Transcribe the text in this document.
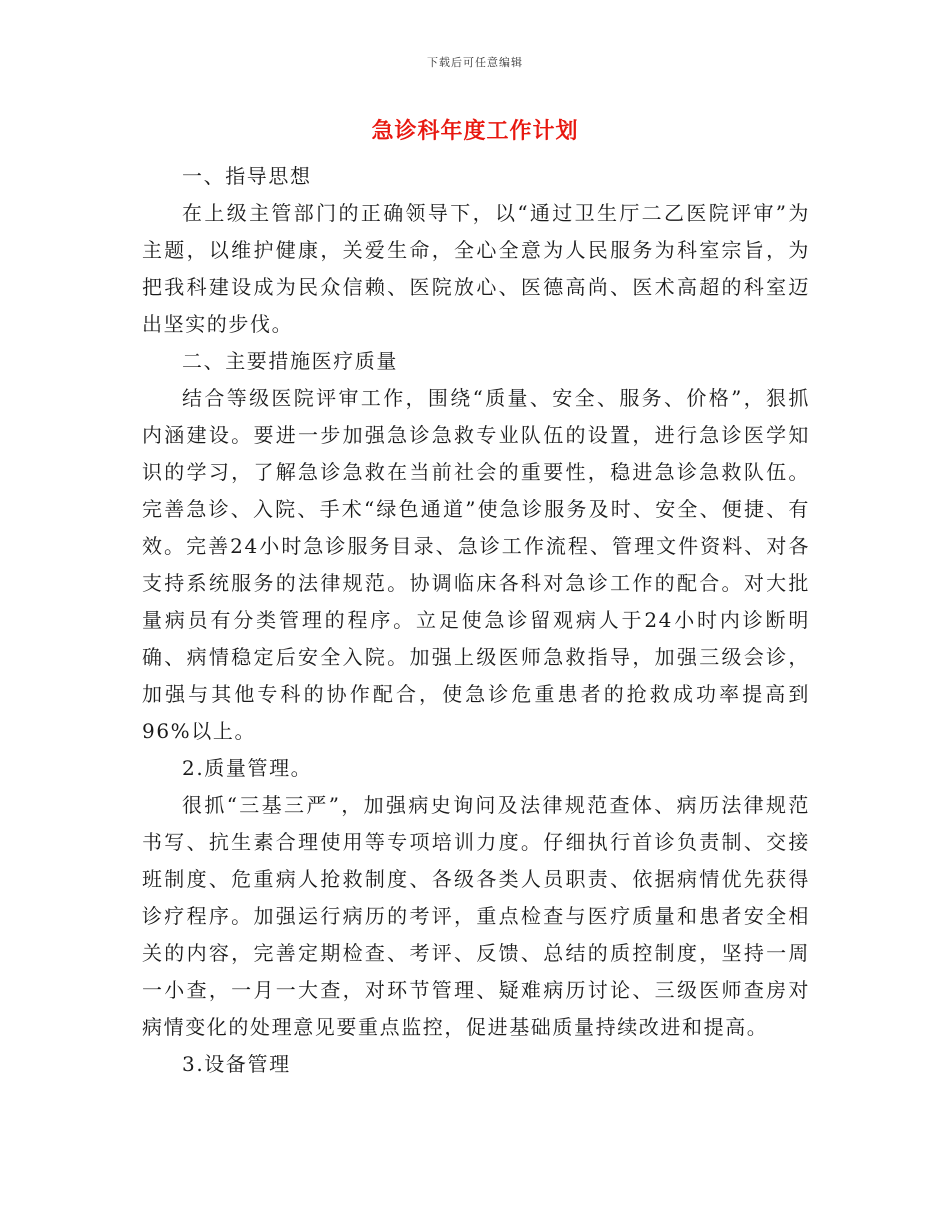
下载后可任意编辑
急诊科年度工作计划

一、指导思想

在上级主管部门的正确领导下，以“通过卫生厅二乙医院评审”为主题，以维护健康，关爱生命，全心全意为人民服务为科室宗旨，为把我科建设成为民众信赖、医院放心、医德高尚、医术高超的科室迈出坚实的步伐。

二、主要措施医疗质量

结合等级医院评审工作，围绕“质量、安全、服务、价格”，狠抓内涵建设。要进一步加强急诊急救专业队伍的设置，进行急诊医学知识的学习，了解急诊急救在当前社会的重要性，稳进急诊急救队伍。完善急诊、入院、手术“绿色通道”使急诊服务及时、安全、便捷、有效。完善24小时急诊服务目录、急诊工作流程、管理文件资料、对各支持系统服务的法律规范。协调临床各科对急诊工作的配合。对大批量病员有分类管理的程序。立足使急诊留观病人于24小时内诊断明确、病情稳定后安全入院。加强上级医师急救指导，加强三级会诊，加强与其他专科的协作配合，使急诊危重患者的抢救成功率提高到96%以上。

2.质量管理。

很抓“三基三严”，加强病史询问及法律规范查体、病历法律规范书写、抗生素合理使用等专项培训力度。仔细执行首诊负责制、交接班制度、危重病人抢救制度、各级各类人员职责、依据病情优先获得诊疗程序。加强运行病历的考评，重点检查与医疗质量和患者安全相关的内容，完善定期检查、考评、反馈、总结的质控制度，坚持一周一小查，一月一大查，对环节管理、疑难病历讨论、三级医师查房对病情变化的处理意见要重点监控，促进基础质量持续改进和提高。

3.设备管理
